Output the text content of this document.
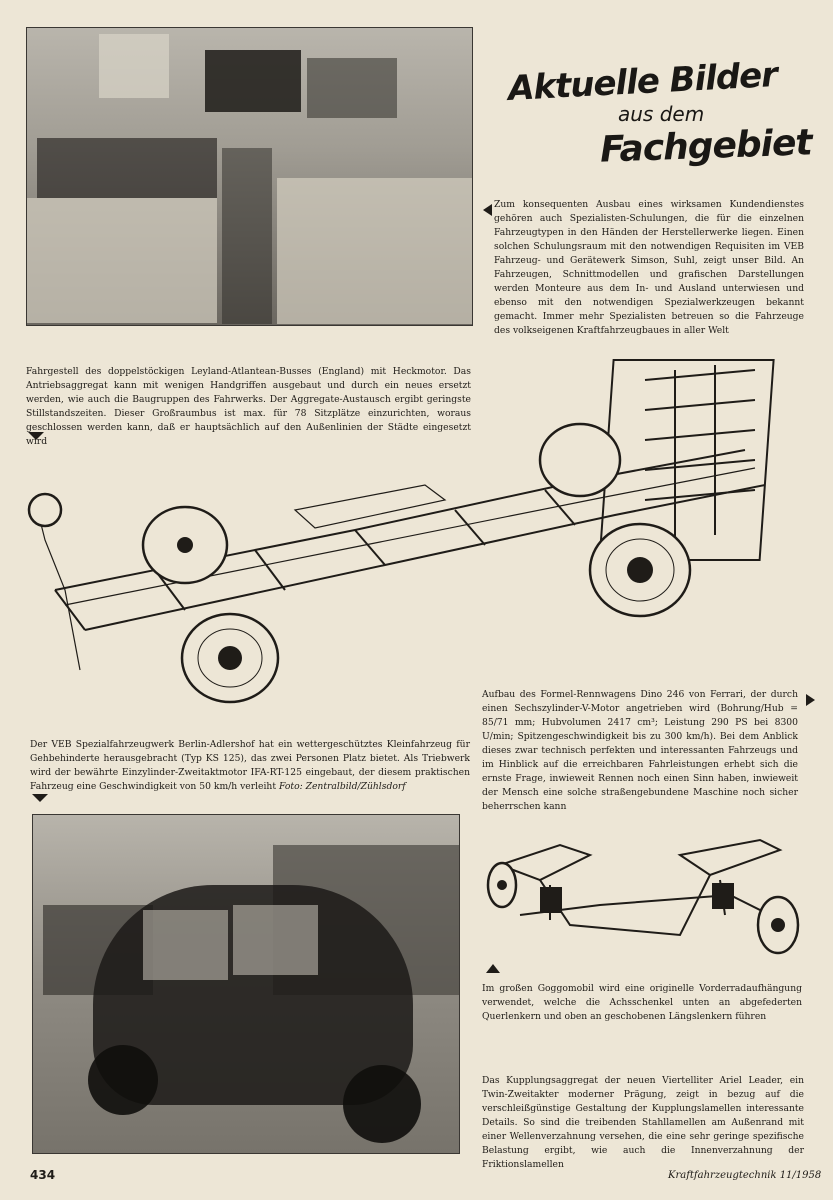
Aktuelle Bilder
aus dem
Fachgebiet

Zum konsequenten Ausbau eines wirksamen Kundendienstes gehören auch Spezialisten-Schulungen, die für die einzelnen Fahrzeugtypen in den Händen der Herstellerwerke liegen. Einen solchen Schulungsraum mit den notwendigen Requisiten im VEB Fahrzeug- und Gerätewerk Simson, Suhl, zeigt unser Bild. An Fahrzeugen, Schnittmodellen und grafischen Darstellungen werden Monteure aus dem In- und Ausland unterwiesen und ebenso mit den notwendigen Spezialwerkzeugen bekannt gemacht. Immer mehr Spezialisten betreuen so die Fahrzeuge des volkseigenen Kraftfahrzeugbaues in aller Welt

Fahrgestell des doppelstöckigen Leyland-Atlantean-Busses (England) mit Heckmotor. Das Antriebsaggregat kann mit wenigen Handgriffen ausgebaut und durch ein neues ersetzt werden, wie auch die Baugruppen des Fahrwerks. Der Aggregate-Austausch ergibt geringste Stillstandszeiten. Dieser Großraumbus ist max. für 78 Sitzplätze einzurichten, woraus geschlossen werden kann, daß er hauptsächlich auf den Außenlinien der Städte eingesetzt wird

Aufbau des Formel-Rennwagens Dino 246 von Ferrari, der durch einen Sechszylinder-V-Motor angetrieben wird (Bohrung/Hub = 85/71 mm; Hubvolumen 2417 cm³; Leistung 290 PS bei 8300 U/min; Spitzengeschwindigkeit bis zu 300 km/h). Bei dem Anblick dieses zwar technisch perfekten und interessanten Fahrzeugs und im Hinblick auf die erreichbaren Fahrleistungen erhebt sich die ernste Frage, inwieweit Rennen noch einen Sinn haben, inwieweit der Mensch eine solche straßengebundene Maschine noch sicher beherrschen kann

Der VEB Spezialfahrzeugwerk Berlin-Adlershof hat ein wettergeschütztes Kleinfahrzeug für Gehbehinderte herausgebracht (Typ KS 125), das zwei Personen Platz bietet. Als Triebwerk wird der bewährte Einzylinder-Zweitaktmotor IFA-RT-125 eingebaut, der diesem praktischen Fahrzeug eine Geschwindigkeit von 50 km/h verleiht Foto: Zentralbild/Zühlsdorf

Im großen Goggomobil wird eine originelle Vorderradaufhängung verwendet, welche die Achsschenkel unten an abgefederten Querlenkern und oben an geschobenen Längslenkern führen

Das Kupplungsaggregat der neuen Viertelliter Ariel Leader, ein Twin-Zweitakter moderner Prägung, zeigt in bezug auf die verschleißgünstige Gestaltung der Kupplungslamellen interessante Details. So sind die treibenden Stahllamellen am Außenrand mit einer Wellenverzahnung versehen, die eine sehr geringe spezifische Belastung ergibt, wie auch die Innenverzahnung der Friktionslamellen

434	Kraftfahrzeugtechnik 11/1958
